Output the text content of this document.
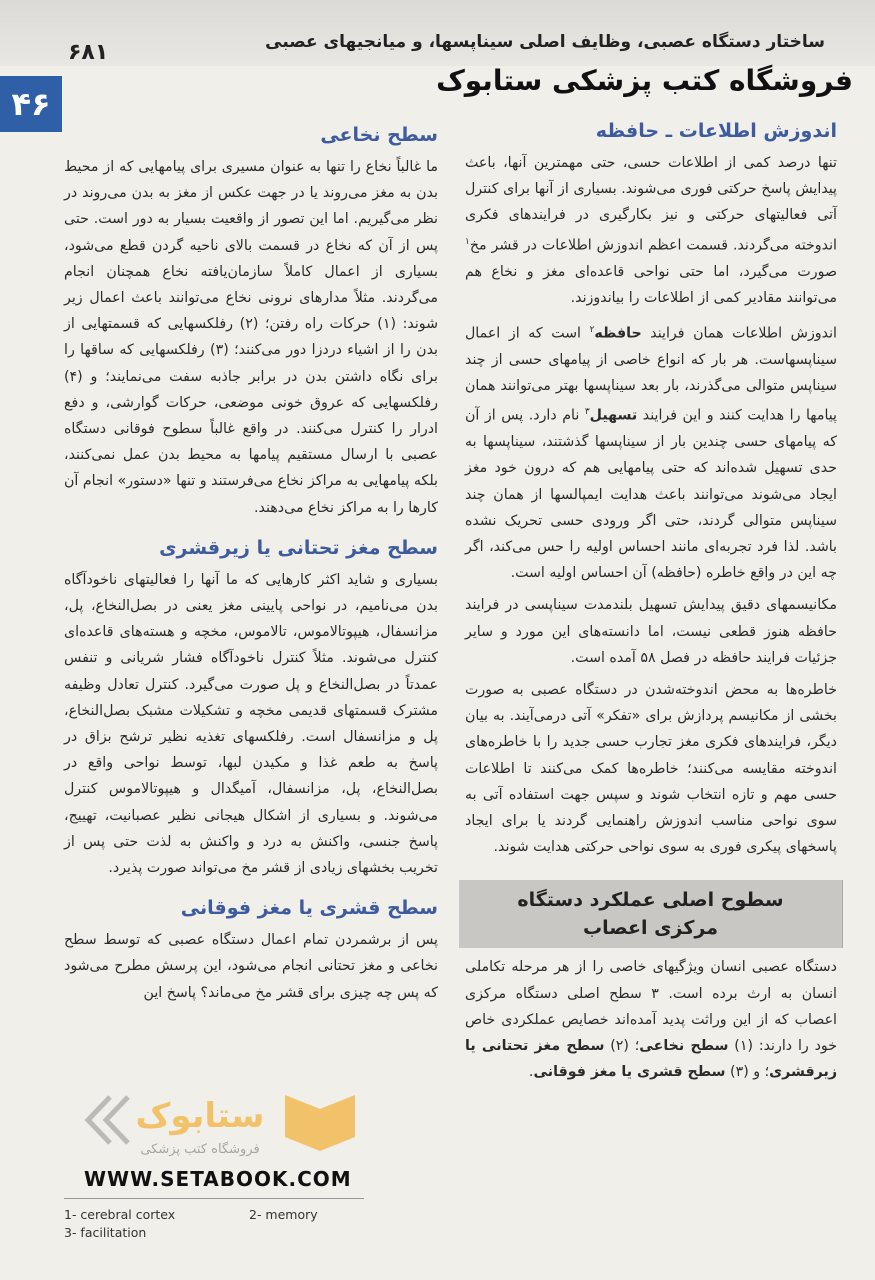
۴۶
۶۸۱	ساختار دستگاه عصبی، وظایف اصلی سیناپسها، و میانجیهای عصبی
فروشگاه کتب پزشکی ستابوک
اندوزش اطلاعات ـ حافظه

تنها درصد کمی از اطلاعات حسی، حتی مهمترین آنها، باعث پیدایش پاسخ حرکتی فوری می‌شوند. بسیاری از آنها برای کنترل آتی فعالیتهای حرکتی و نیز بکارگیری در فرایندهای فکری اندوخته می‌گردند. قسمت اعظم اندوزش اطلاعات در قشر مخ$^۱$ صورت می‌گیرد، اما حتی نواحی قاعده‌ای مغز و نخاع هم می‌توانند مقادیر کمی از اطلاعات را بیاندوزند.

اندوزش اطلاعات همان فرایند حافظه$^۲$ است که از اعمال سیناپسهاست. هر بار که انواع خاصی از پیامهای حسی از چند سیناپس متوالی می‌گذرند، بار بعد سیناپسها بهتر می‌توانند همان پیامها را هدایت کنند و این فرایند تسهیل$^۳$ نام دارد. پس از آن که پیامهای حسی چندین بار از سیناپسها گذشتند، سیناپسها به حدی تسهیل شده‌اند که حتی پیامهایی هم که درون خود مغز ایجاد می‌شوند می‌توانند باعث هدایت ایمپالسها از همان چند سیناپس متوالی گردند، حتی اگر ورودی حسی تحریک نشده باشد. لذا فرد تجربه‌ای مانند احساس اولیه را حس می‌کند، اگر چه این در واقع خاطره (حافظه) آن احساس اولیه است.

مکانیسمهای دقیق پیدایش تسهیل بلندمدت سیناپسی در فرایند حافظه هنوز قطعی نیست، اما دانسته‌های این مورد و سایر جزئیات فرایند حافظه در فصل ۵۸ آمده است.

خاطره‌ها به محض اندوخته‌شدن در دستگاه عصبی به صورت بخشی از مکانیسم پردازش برای «تفکر» آتی درمی‌آیند. به بیان دیگر، فرایندهای فکری مغز تجارب حسی جدید را با خاطره‌های اندوخته مقایسه می‌کنند؛ خاطره‌ها کمک می‌کنند تا اطلاعات حسی مهم و تازه انتخاب شوند و سپس جهت استفاده آتی به سوی نواحی مناسب اندوزش راهنمایی گردند یا برای ایجاد پاسخهای پیکری فوری به سوی نواحی حرکتی هدایت شوند.

سطوح اصلی عملکرد دستگاه
مرکزی اعصاب

دستگاه عصبی انسان ویژگیهای خاصی را از هر مرحله تکاملی انسان به ارث برده است. ۳ سطح اصلی دستگاه مرکزی اعصاب که از این وراثت پدید آمده‌اند خصایص عملکردی خاص خود را دارند: (۱) سطح نخاعی؛ (۲) سطح مغز تحتانی یا زیرقشری؛ و (۳) سطح قشری یا مغز فوقانی.

سطح نخاعی

ما غالباً نخاع را تنها به عنوان مسیری برای پیامهایی که از محیط بدن به مغز می‌روند یا در جهت عکس از مغز به بدن می‌روند در نظر می‌گیریم. اما این تصور از واقعیت بسیار به دور است. حتی پس از آن که نخاع در قسمت بالای ناحیه گردن قطع می‌شود، بسیاری از اعمال کاملاً سازمان‌یافته نخاع همچنان انجام می‌گردند. مثلاً مدارهای نرونی نخاع می‌توانند باعث اعمال زیر شوند: (۱) حرکات راه رفتن؛ (۲) رفلکسهایی که قسمتهایی از بدن را از اشیاء دردزا دور می‌کنند؛ (۳) رفلکسهایی که ساقها را برای نگاه داشتن بدن در برابر جاذبه سفت می‌نمایند؛ و (۴) رفلکسهایی که عروق خونی موضعی، حرکات گوارشی، و دفع ادرار را کنترل می‌کنند. در واقع غالباً سطوح فوقانی دستگاه عصبی با ارسال مستقیم پیامها به محیط بدن عمل نمی‌کنند، بلکه پیامهایی به مراکز نخاع می‌فرستند و تنها «دستور» انجام آن کارها را به مراکز نخاع می‌دهند.

سطح مغز تحتانی یا زیرقشری

بسیاری و شاید اکثر کارهایی که ما آنها را فعالیتهای ناخودآگاه بدن می‌نامیم، در نواحی پایینی مغز یعنی در بصل‌النخاع، پل، مزانسفال، هیپوتالاموس، تالاموس، مخچه و هسته‌های قاعده‌ای کنترل می‌شوند. مثلاً کنترل ناخودآگاه فشار شریانی و تنفس عمدتاً در بصل‌النخاع و پل صورت می‌گیرد. کنترل تعادل وظیفه مشترک قسمتهای قدیمی مخچه و تشکیلات مشبک بصل‌النخاع، پل و مزانسفال است. رفلکسهای تغذیه نظیر ترشح بزاق در پاسخ به طعم غذا و مکیدن لبها، توسط نواحی واقع در بصل‌النخاع، پل، مزانسفال، آمیگدال و هیپوتالاموس کنترل می‌شوند. و بسیاری از اشکال هیجانی نظیر عصبانیت، تهییج، پاسخ جنسی، واکنش به درد و واکنش به لذت حتی پس از تخریب بخشهای زیادی از قشر مخ می‌تواند صورت پذیرد.

سطح قشری یا مغز فوقانی

پس از برشمردن تمام اعمال دستگاه عصبی که توسط سطح نخاعی و مغز تحتانی انجام می‌شود، این پرسش مطرح می‌شود که پس چه چیزی برای قشر مخ می‌ماند؟ پاسخ این

ستابوک
فروشگاه کتب پزشکی
WWW.SETABOOK.COM
1- cerebral cortex	2- memory
3- facilitation
